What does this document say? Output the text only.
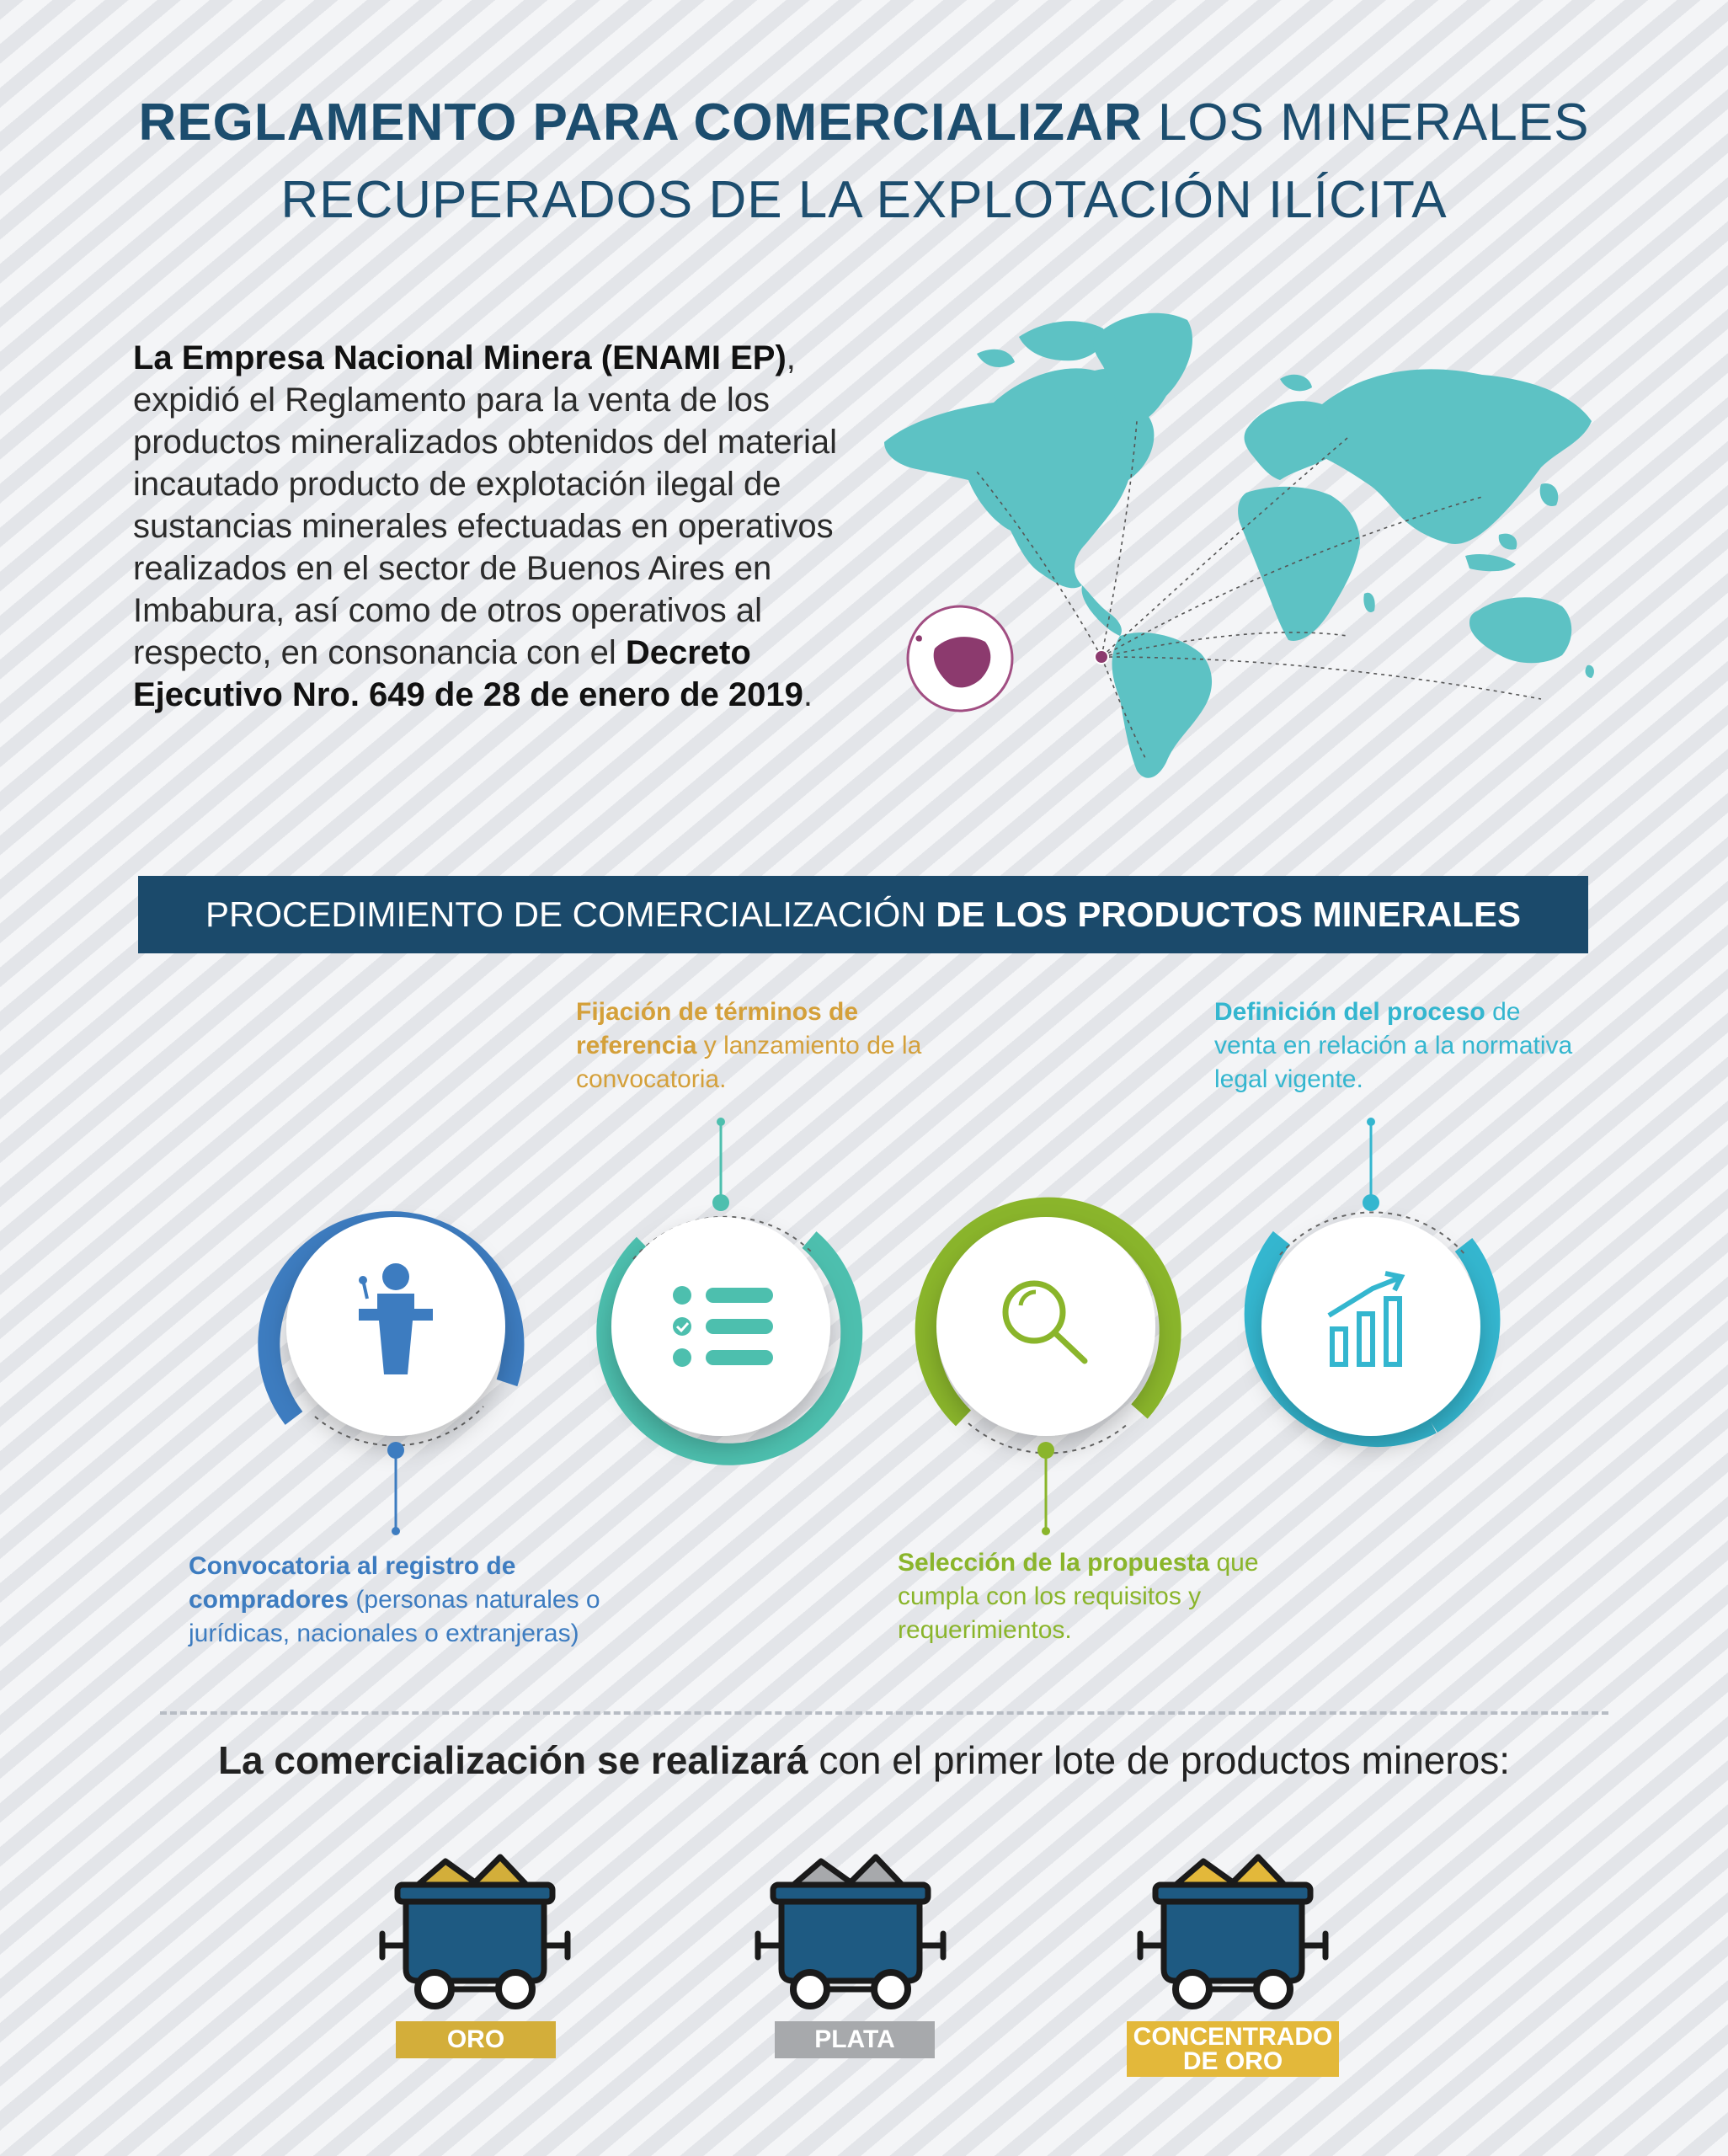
REGLAMENTO PARA COMERCIALIZAR LOS MINERALES
RECUPERADOS DE LA EXPLOTACIÓN ILÍCITA
La Empresa Nacional Minera (ENAMI EP), expidió el Reglamento para la venta de los productos mineralizados obtenidos del material incautado producto de explotación ilegal de sustancias minerales efectuadas en operativos realizados en el sector de Buenos Aires en Imbabura, así como de otros operativos al respecto, en consonancia con el Decreto Ejecutivo Nro. 649 de 28 de enero de 2019.
PROCEDIMIENTO DE COMERCIALIZACIÓN DE LOS PRODUCTOS MINERALES
Fijación de términos de referencia y lanzamiento de la convocatoria.
Definición del proceso de venta en relación a la normativa legal vigente.
Convocatoria al registro de compradores (personas naturales o jurídicas, nacionales o extranjeras)
Selección de la propuesta que cumpla con los requisitos y requerimientos.
La comercialización se realizará con el primer lote de productos mineros:
ORO	PLATA	CONCENTRADO
DE ORO
